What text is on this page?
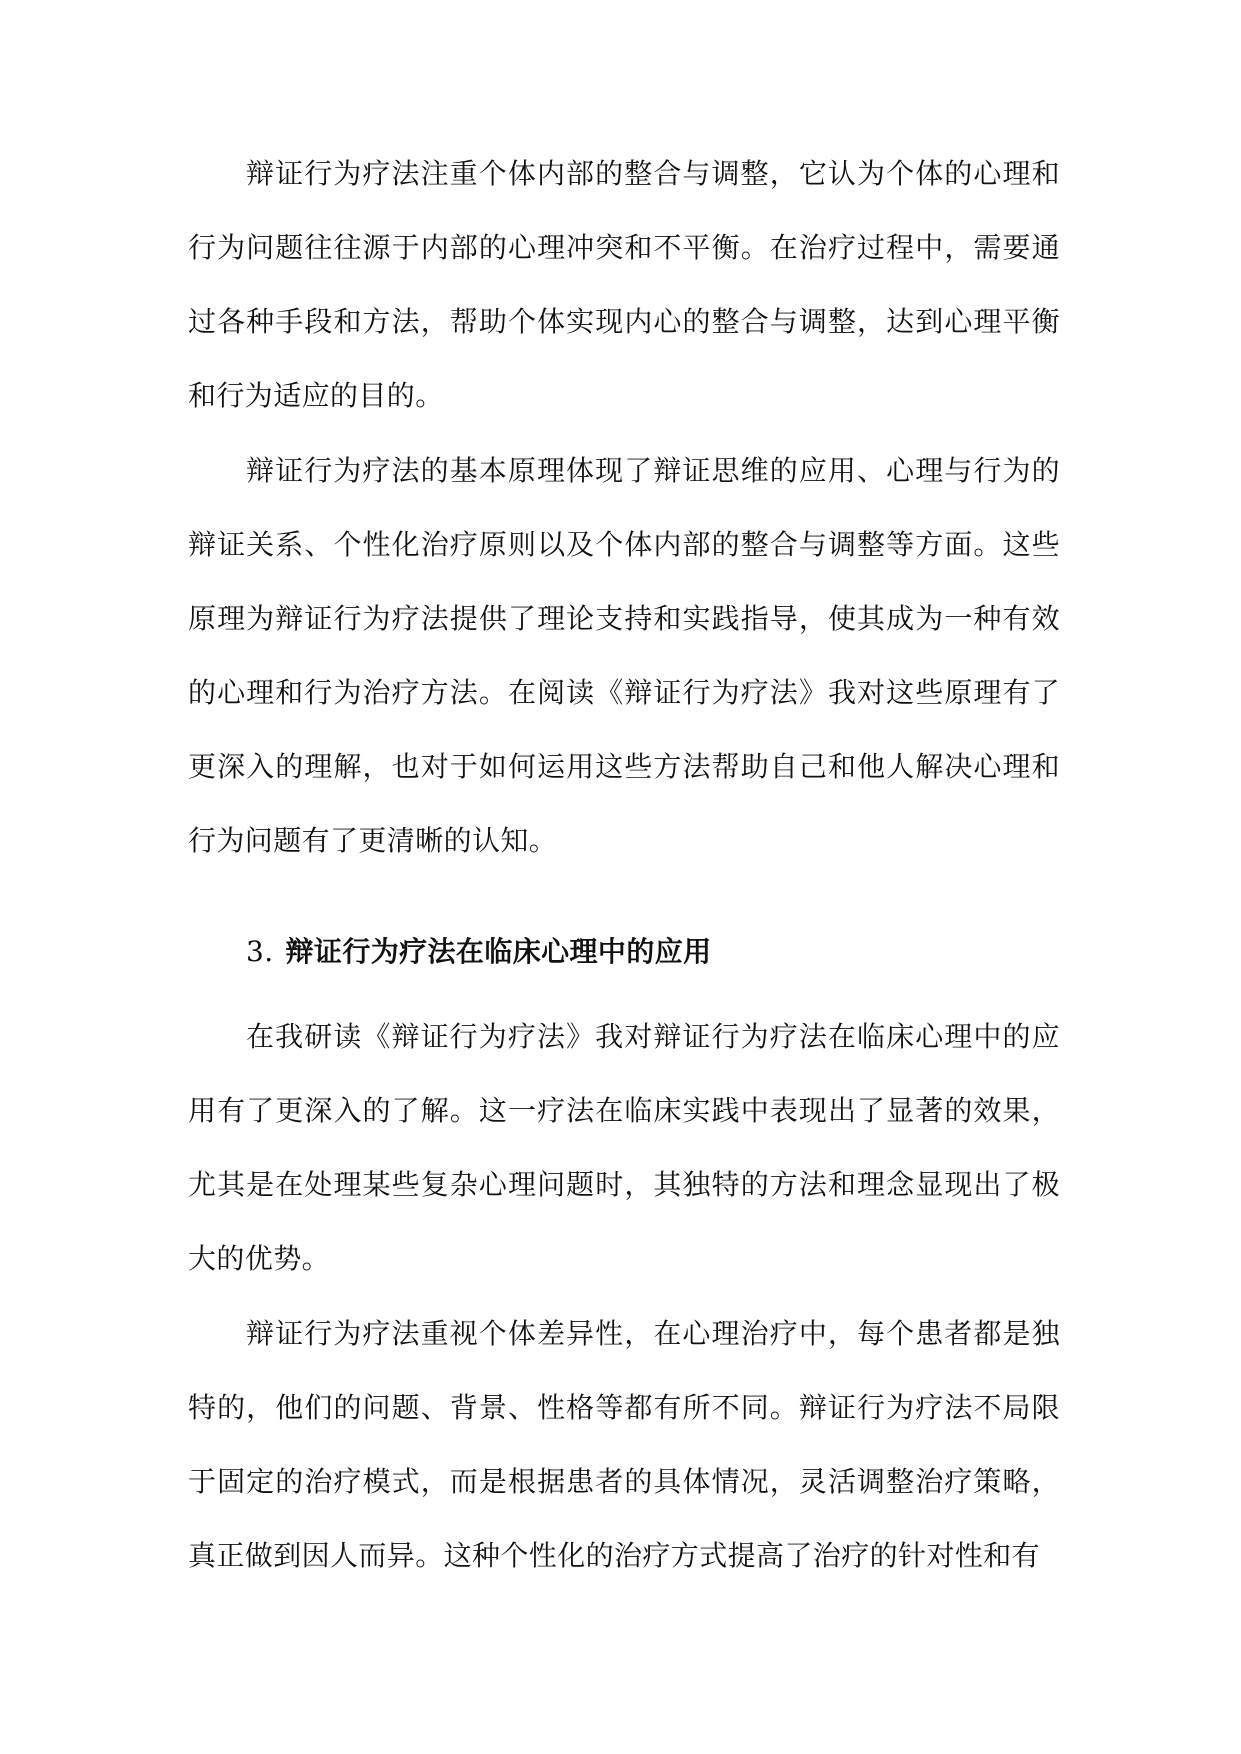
辩证行为疗法注重个体内部的整合与调整，它认为个体的心理和行为问题往往源于内部的心理冲突和不平衡。在治疗过程中，需要通过各种手段和方法，帮助个体实现内心的整合与调整，达到心理平衡和行为适应的目的。

辩证行为疗法的基本原理体现了辩证思维的应用、心理与行为的辩证关系、个性化治疗原则以及个体内部的整合与调整等方面。这些原理为辩证行为疗法提供了理论支持和实践指导，使其成为一种有效的心理和行为治疗方法。在阅读《辩证行为疗法》我对这些原理有了更深入的理解，也对于如何运用这些方法帮助自己和他人解决心理和行为问题有了更清晰的认知。

3. 辩证行为疗法在临床心理中的应用

在我研读《辩证行为疗法》我对辩证行为疗法在临床心理中的应用有了更深入的了解。这一疗法在临床实践中表现出了显著的效果，尤其是在处理某些复杂心理问题时，其独特的方法和理念显现出了极大的优势。

辩证行为疗法重视个体差异性，在心理治疗中，每个患者都是独特的，他们的问题、背景、性格等都有所不同。辩证行为疗法不局限于固定的治疗模式，而是根据患者的具体情况，灵活调整治疗策略，真正做到因人而异。这种个性化的治疗方式提高了治疗的针对性和有
